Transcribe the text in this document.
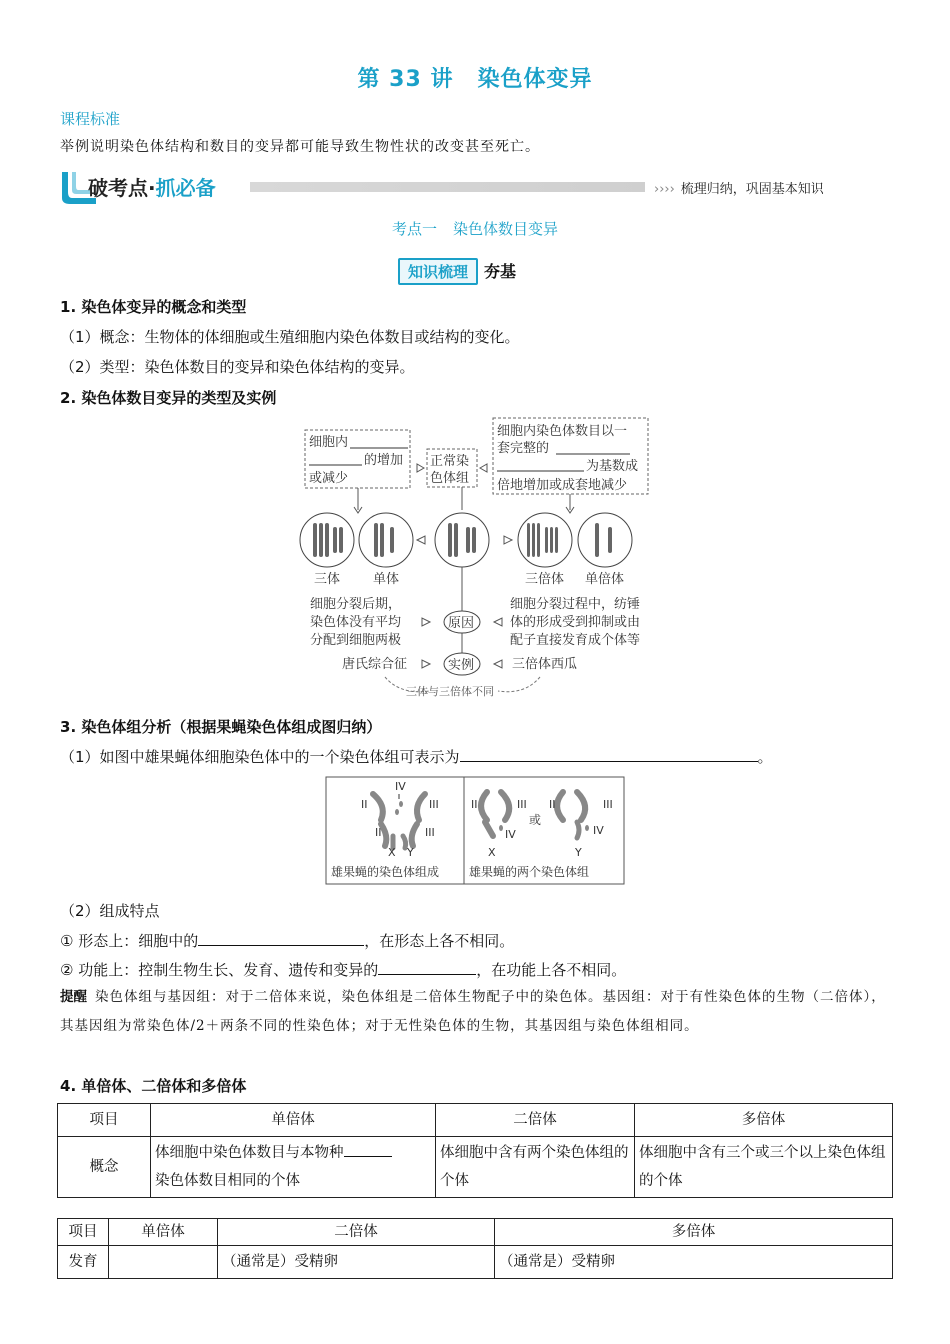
第 33 讲 染色体变异
课程标准
举例说明染色体结构和数目的变异都可能导致生物性状的改变甚至死亡。
破考点·抓必备	›››› 梳理归纳，巩固基本知识
考点一 染色体数目变异
知识梳理 夯基
1. 染色体变异的概念和类型
（1）概念：生物体的体细胞或生殖细胞内染色体数目或结构的变化。
（2）类型：染色体数目的变异和染色体结构的变异。
2. 染色体数目变异的类型及实例
细胞内
的增加
或减少
正常染
色体组
细胞内染色体数目以一
套完整的
为基数成
倍地增加或成套地减少
三体	单体	三倍体 单倍体
细胞分裂后期，
染色体没有平均
分配到细胞两极
原因
细胞分裂过程中，纺锤
体的形成受到抑制或由
配子直接发育成个体等
唐氏综合征	实例	三倍体西瓜
三体与三倍体不同
3. 染色体组分析（根据果蝇染色体组成图归纳）
（1）如图中雄果蝇体细胞染色体中的一个染色体组可表示为	。
IV
II	III
II	III
X Y
雄果蝇的染色体组成
III
II
IV
X
或
II	III
IV
Y
雄果蝇的两个染色体组
（2）组成特点
① 形态上：细胞中的	，在形态上各不相同。
② 功能上：控制生物生长、发育、遗传和变异的	，在功能上各不相同。
提醒 染色体组与基因组：对于二倍体来说，染色体组是二倍体生物配子中的染色体。基因组：对于有性染色体的生物（二倍体），其基因组为常染色体/2＋两条不同的性染色体；对于无性染色体的生物，其基因组与染色体组相同。
4. 单倍体、二倍体和多倍体
项目	单倍体	二倍体	多倍体
概念	体细胞中染色体数目与本物种
染色体数目相同的个体	体细胞中含有两个染色体组的个体	体细胞中含有三个或三个以上染色体组的个体
项目	单倍体	二倍体	多倍体
发育		（通常是）受精卵	（通常是）受精卵
